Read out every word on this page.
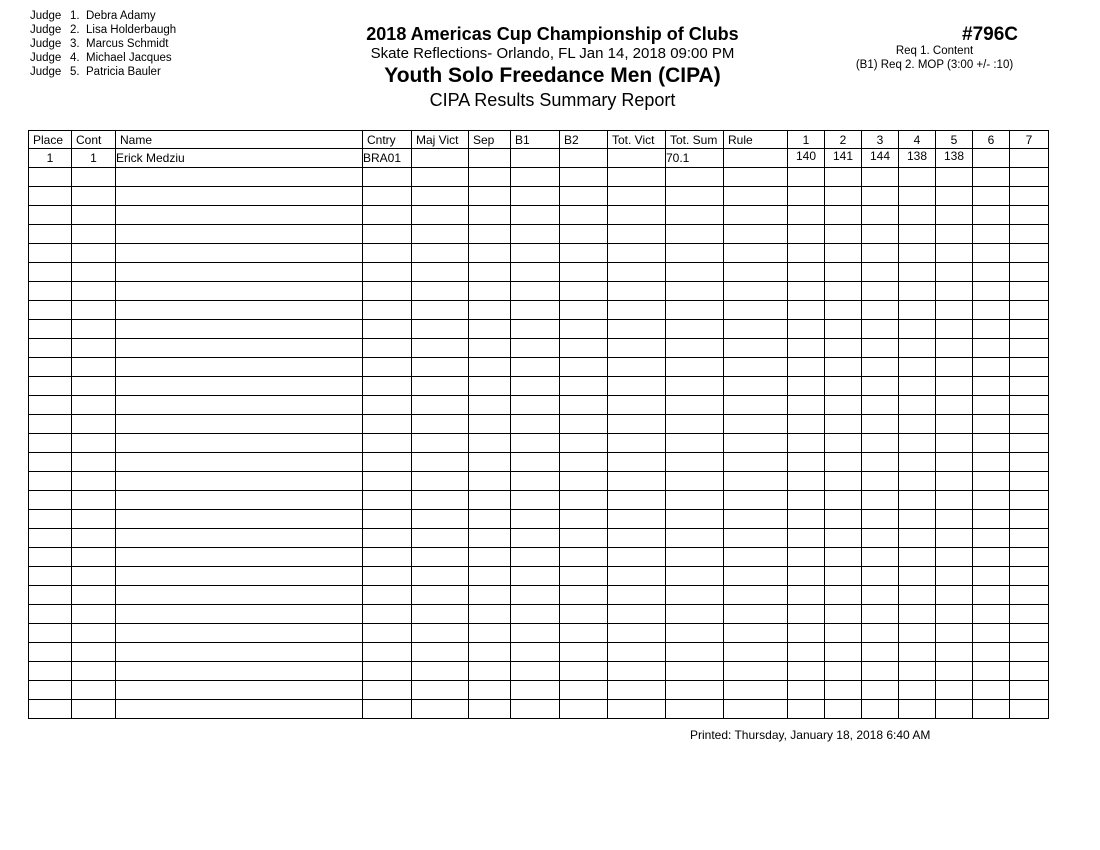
Judge 1. Debra Adamy
Judge 2. Lisa Holderbaugh
Judge 3. Marcus Schmidt
Judge 4. Michael Jacques
Judge 5. Patricia Bauler
2018 Americas Cup Championship of Clubs
Skate Reflections- Orlando, FL Jan 14, 2018 09:00 PM
Youth Solo Freedance Men (CIPA)
CIPA Results Summary Report
#796C
Req 1. Content
(B1) Req 2. MOP (3:00 +/- :10)
Place	Cont	Name	Cntry	Maj Vict	Sep	B1	B2	Tot. Vict	Tot. Sum	Rule	1	2	3	4	5	6	7
1	1	Erick Medziu	BRA01						70.1		140	141	144	138	138		

Printed: Thursday, January 18, 2018 6:40 AM
